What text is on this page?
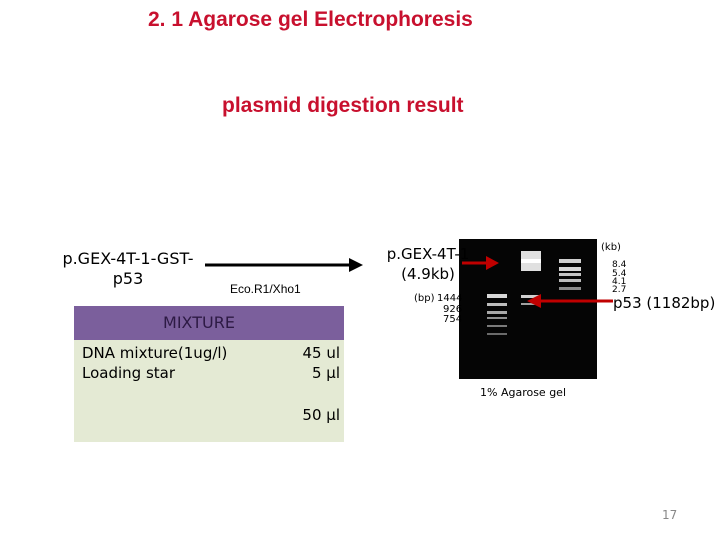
2. 1 Agarose gel Electrophoresis
plasmid digestion result
p.GEX-4T-1-GST-
p53
Eco.R1/Xho1
MIXTURE
DNA mixture(1ug/l)
Loading star
45 ul
5 µl
50 µl
p.GEX-4T-1
(4.9kb)
(bp) 1444
926
754
(kb)
8.4
5.4
4.1
2.7
p53 (1182bp)
1% Agarose gel
17
